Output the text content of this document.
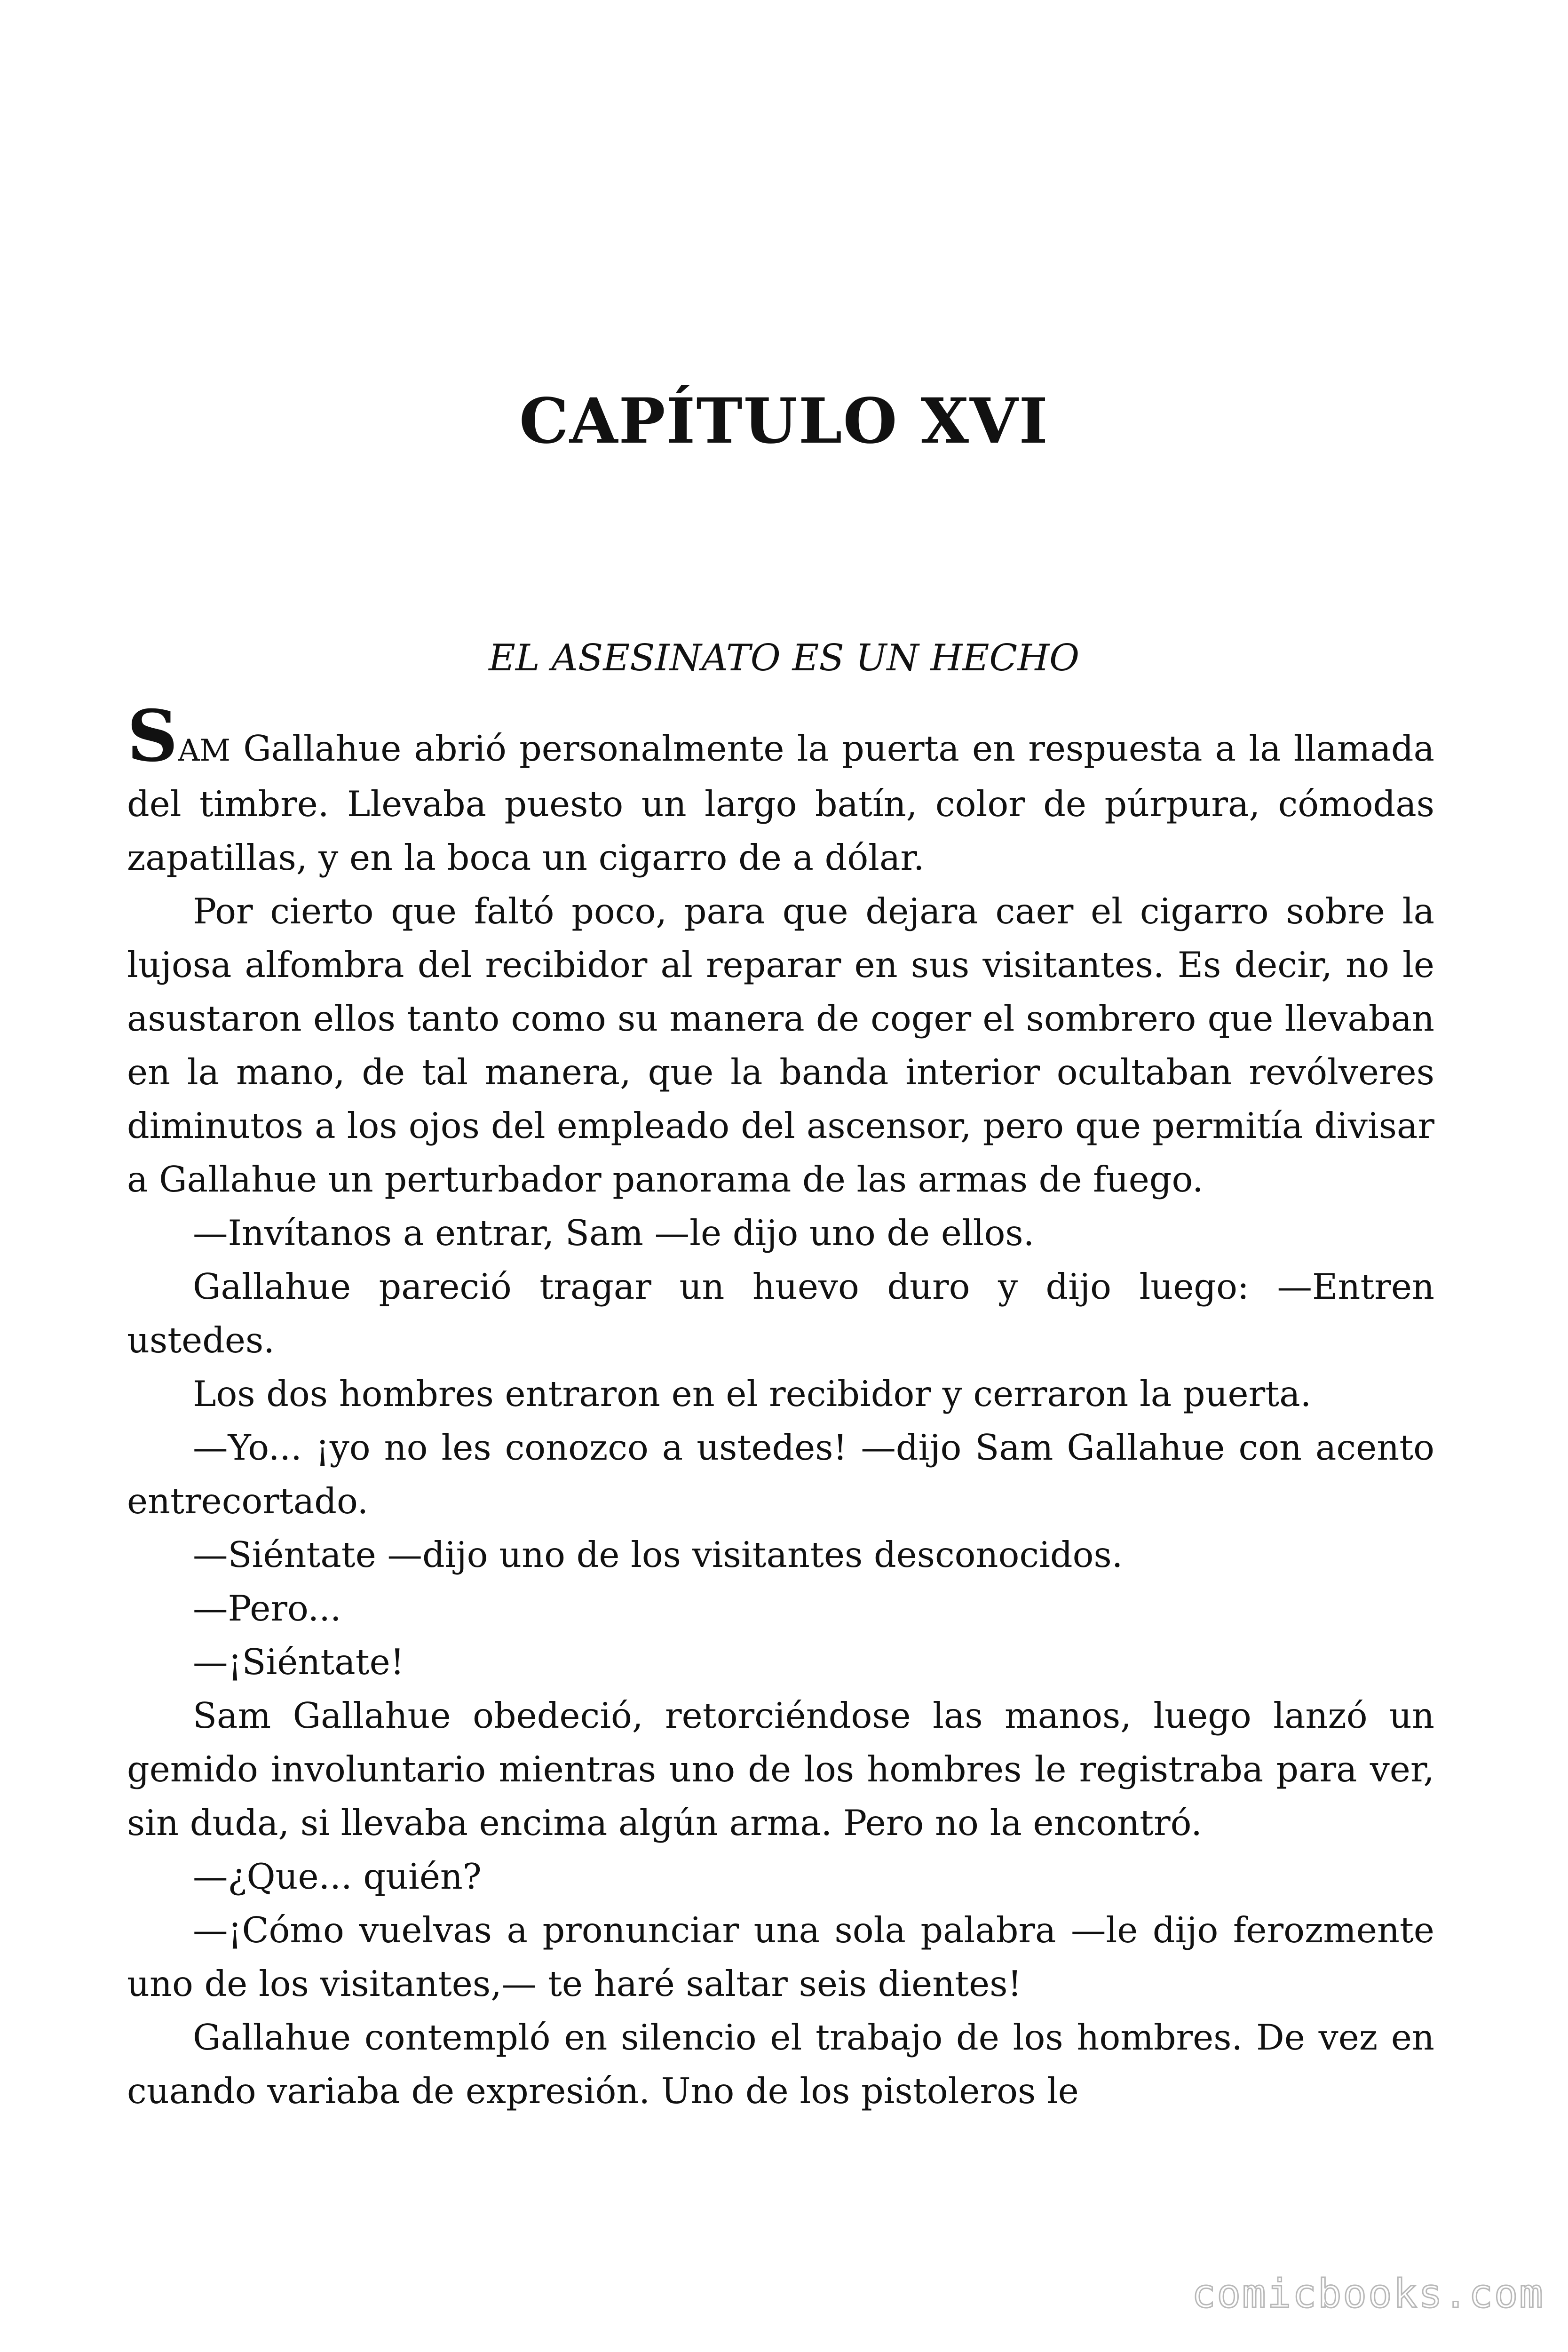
CAPÍTULO XVI
EL ASESINATO ES UN HECHO

SAM Gallahue abrió personalmente la puerta en respuesta a la llamada del timbre. Llevaba puesto un largo batín, color de púrpura, cómodas zapatillas, y en la boca un cigarro de a dólar.

Por cierto que faltó poco, para que dejara caer el cigarro sobre la lujosa alfombra del recibidor al reparar en sus visitantes. Es decir, no le asustaron ellos tanto como su manera de coger el sombrero que llevaban en la mano, de tal manera, que la banda interior ocultaban revólveres diminutos a los ojos del empleado del ascensor, pero que permitía divisar a Gallahue un perturbador panorama de las armas de fuego.

—Invítanos a entrar, Sam —le dijo uno de ellos.

Gallahue pareció tragar un huevo duro y dijo luego: —Entren ustedes.

Los dos hombres entraron en el recibidor y cerraron la puerta.

—Yo... ¡yo no les conozco a ustedes! —dijo Sam Gallahue con acento entrecortado.

—Siéntate —dijo uno de los visitantes desconocidos.

—Pero...

—¡Siéntate!

Sam Gallahue obedeció, retorciéndose las manos, luego lanzó un gemido involuntario mientras uno de los hombres le registraba para ver, sin duda, si llevaba encima algún arma. Pero no la encontró.

—¿Que... quién?

—¡Cómo vuelvas a pronunciar una sola palabra —le dijo ferozmente uno de los visitantes,— te haré saltar seis dientes!

Gallahue contempló en silencio el trabajo de los hombres. De vez en cuando variaba de expresión. Uno de los pistoleros le

comicbooks.com
